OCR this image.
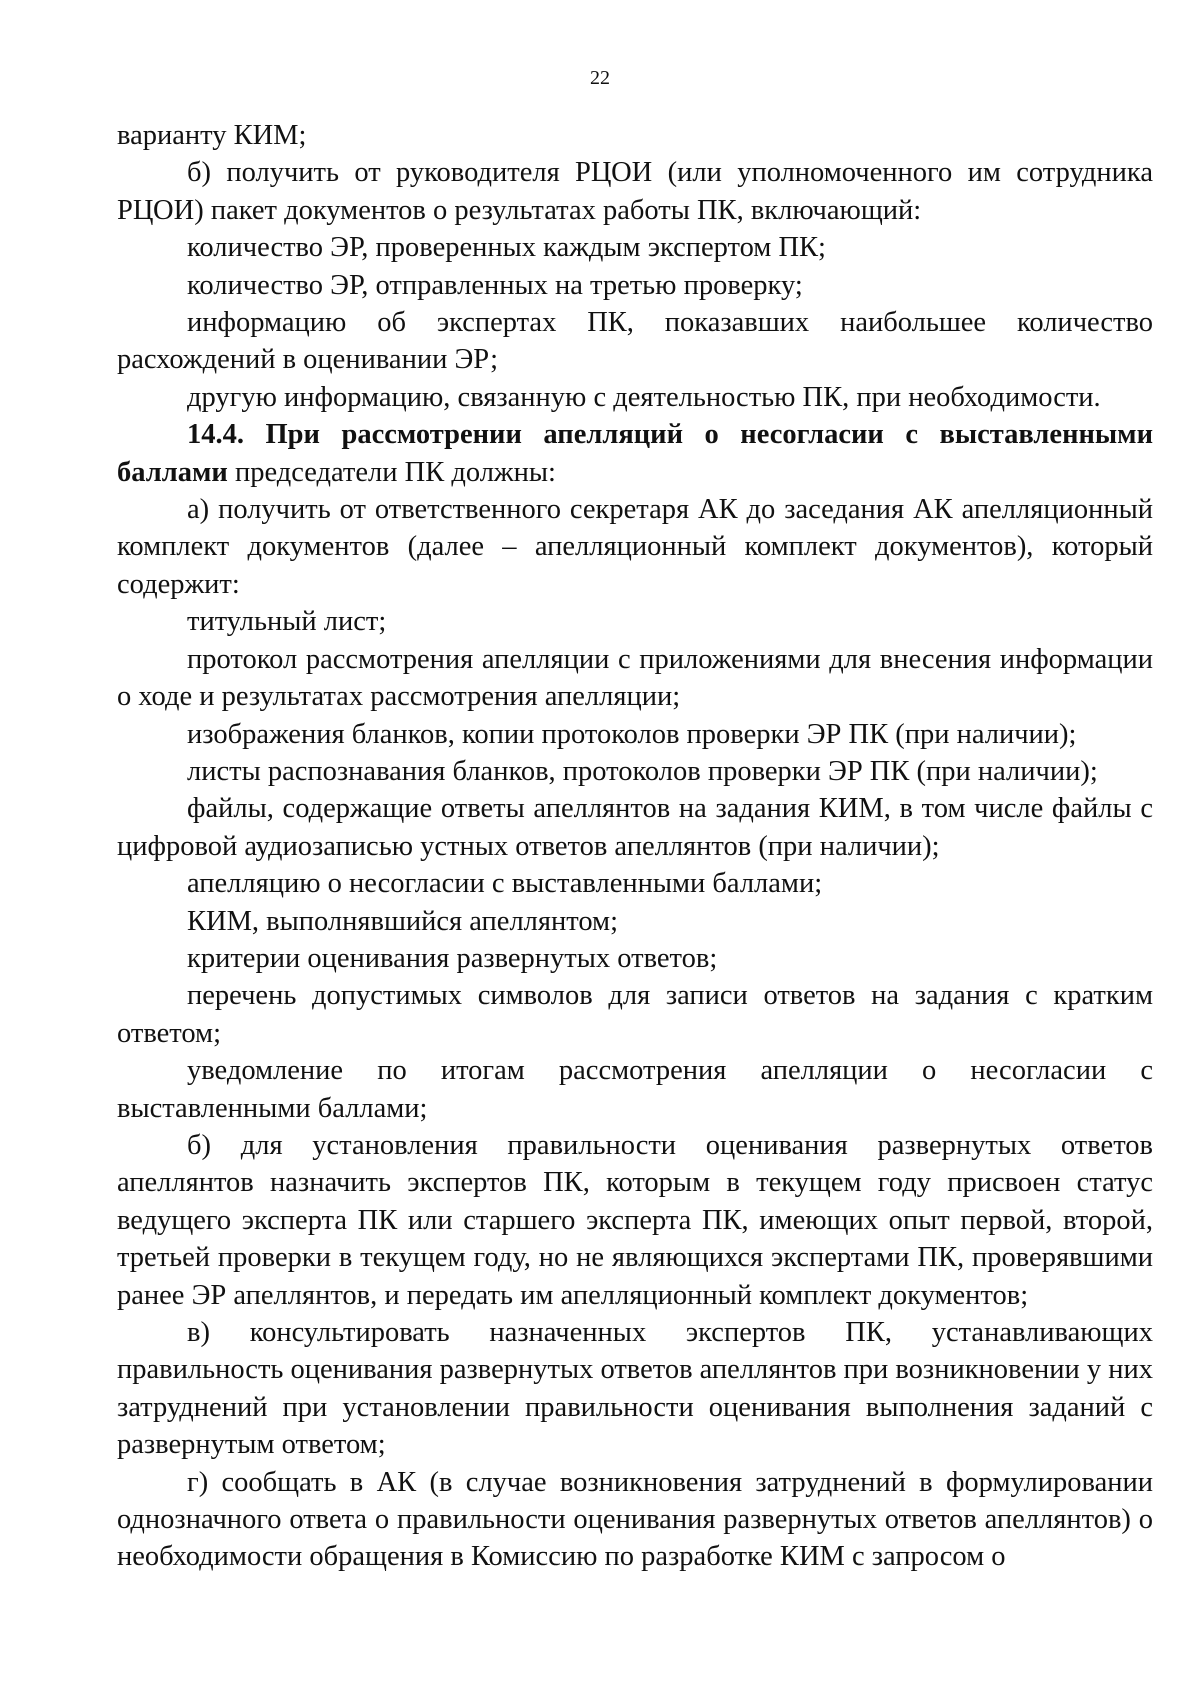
22

варианту КИМ;

б) получить от руководителя РЦОИ (или уполномоченного им сотрудника РЦОИ) пакет документов о результатах работы ПК, включающий:

количество ЭР, проверенных каждым экспертом ПК;

количество ЭР, отправленных на третью проверку;

информацию об экспертах ПК, показавших наибольшее количество расхождений в оценивании ЭР;

другую информацию, связанную с деятельностью ПК, при необходимости.

14.4. При рассмотрении апелляций о несогласии с выставленными баллами председатели ПК должны:

а) получить от ответственного секретаря АК до заседания АК апелляционный комплект документов (далее – апелляционный комплект документов), который содержит:

титульный лист;

протокол рассмотрения апелляции с приложениями для внесения информации о ходе и результатах рассмотрения апелляции;

изображения бланков, копии протоколов проверки ЭР ПК (при наличии);

листы распознавания бланков, протоколов проверки ЭР ПК (при наличии);

файлы, содержащие ответы апеллянтов на задания КИМ, в том числе файлы с цифровой аудиозаписью устных ответов апеллянтов (при наличии);

апелляцию о несогласии с выставленными баллами;

КИМ, выполнявшийся апеллянтом;

критерии оценивания развернутых ответов;

перечень допустимых символов для записи ответов на задания с кратким ответом;

уведомление по итогам рассмотрения апелляции о несогласии с выставленными баллами;

б) для установления правильности оценивания развернутых ответов апеллянтов назначить экспертов ПК, которым в текущем году присвоен статус ведущего эксперта ПК или старшего эксперта ПК, имеющих опыт первой, второй, третьей проверки в текущем году, но не являющихся экспертами ПК, проверявшими ранее ЭР апеллянтов, и передать им апелляционный комплект документов;

в) консультировать назначенных экспертов ПК, устанавливающих правильность оценивания развернутых ответов апеллянтов при возникновении у них затруднений при установлении правильности оценивания выполнения заданий с развернутым ответом;

г) сообщать в АК (в случае возникновения затруднений в формулировании однозначного ответа о правильности оценивания развернутых ответов апеллянтов) о необходимости обращения в Комиссию по разработке КИМ с запросом о
